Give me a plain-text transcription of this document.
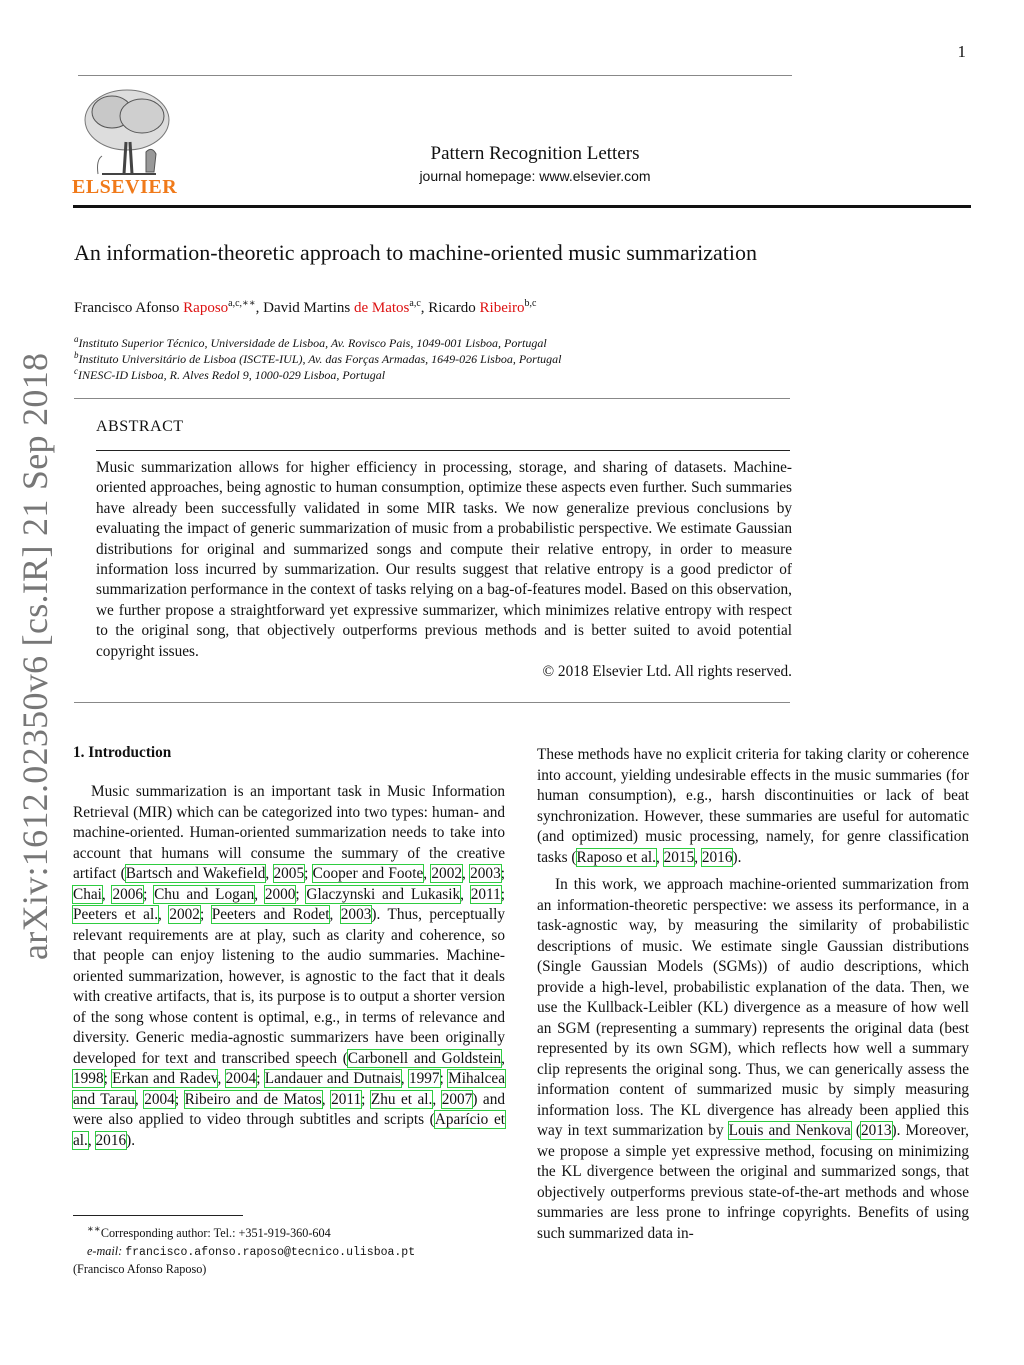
1
arXiv:1612.02350v6 [cs.IR] 21 Sep 2018
ELSEVIER
Pattern Recognition Letters
journal homepage: www.elsevier.com
An information-theoretic approach to machine-oriented music summarization
Francisco Afonso Raposo$^{a,c,∗∗}$, David Martins de Matos$^{a,c}$, Ricardo Ribeiro$^{b,c}$
$^a$Instituto Superior Técnico, Universidade de Lisboa, Av. Rovisco Pais, 1049-001 Lisboa, Portugal
$^b$Instituto Universitário de Lisboa (ISCTE-IUL), Av. das Forças Armadas, 1649-026 Lisboa, Portugal
$^c$INESC-ID Lisboa, R. Alves Redol 9, 1000-029 Lisboa, Portugal
ABSTRACT
Music summarization allows for higher efficiency in processing, storage, and sharing of datasets. Machine-oriented approaches, being agnostic to human consumption, optimize these aspects even further. Such summaries have already been successfully validated in some MIR tasks. We now generalize previous conclusions by evaluating the impact of generic summarization of music from a probabilistic perspective. We estimate Gaussian distributions for original and summarized songs and compute their relative entropy, in order to measure information loss incurred by summarization. Our results suggest that relative entropy is a good predictor of summarization performance in the context of tasks relying on a bag-of-features model. Based on this observation, we further propose a straightforward yet expressive summarizer, which minimizes relative entropy with respect to the original song, that objectively outperforms previous methods and is better suited to avoid potential copyright issues.
© 2018 Elsevier Ltd. All rights reserved.
1. Introduction

Music summarization is an important task in Music Information Retrieval (MIR) which can be categorized into two types: human- and machine-oriented. Human-oriented summarization needs to take into account that humans will consume the summary of the creative artifact (Bartsch and Wakefield, 2005; Cooper and Foote, 2002, 2003; Chai, 2006; Chu and Logan, 2000; Glaczynski and Lukasik, 2011; Peeters et al., 2002; Peeters and Rodet, 2003). Thus, perceptually relevant requirements are at play, such as clarity and coherence, so that people can enjoy listening to the audio summaries. Machine-oriented summarization, however, is agnostic to the fact that it deals with creative artifacts, that is, its purpose is to output a shorter version of the song whose content is optimal, e.g., in terms of relevance and diversity. Generic media-agnostic summarizers have been originally developed for text and transcribed speech (Carbonell and Goldstein, 1998; Erkan and Radev, 2004; Landauer and Dutnais, 1997; Mihalcea and Tarau, 2004; Ribeiro and de Matos, 2011; Zhu et al., 2007) and were also applied to video through subtitles and scripts (Aparício et al., 2016).

These methods have no explicit criteria for taking clarity or coherence into account, yielding undesirable effects in the music summaries (for human consumption), e.g., harsh discontinuities or lack of beat synchronization. However, these summaries are useful for automatic (and optimized) music processing, namely, for genre classification tasks (Raposo et al., 2015, 2016).

In this work, we approach machine-oriented summarization from an information-theoretic perspective: we assess its performance, in a task-agnostic way, by measuring the similarity of probabilistic descriptions of music. We estimate single Gaussian distributions (Single Gaussian Models (SGMs)) of audio descriptions, which provide a high-level, probabilistic explanation of the data. Then, we use the Kullback-Leibler (KL) divergence as a measure of how well an SGM (representing a summary) represents the original data (best represented by its own SGM), which reflects how well a summary clip represents the original song. Thus, we can generically assess the information content of summarized music by simply measuring information loss. The KL divergence has already been applied this way in text summarization by Louis and Nenkova (2013). Moreover, we propose a simple yet expressive method, focusing on minimizing the KL divergence between the original and summarized songs, that objectively outperforms previous state-of-the-art methods and whose summaries are less prone to infringe copyrights. Benefits of using such summarized data in-

∗∗Corresponding author: Tel.: +351-919-360-604
e-mail: francisco.afonso.raposo@tecnico.ulisboa.pt
(Francisco Afonso Raposo)
